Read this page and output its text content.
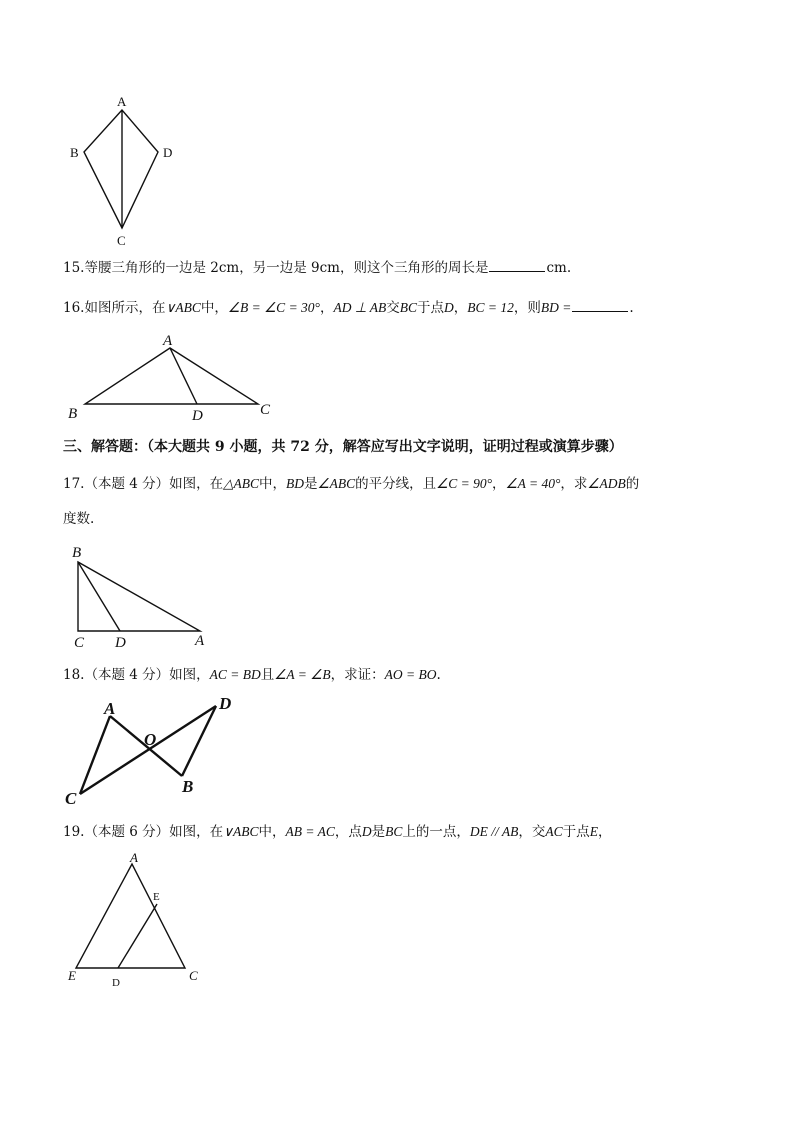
A
B	D
C
15.等腰三角形的一边是 2cm，另一边是 9cm，则这个三角形的周长是	cm.
16.如图所示，在∨ABC中，∠B = ∠C = 30°，AD ⊥ AB交BC于点D，BC = 12，则BD =	.
A
B	D	C
三、解答题：（本大题共 9 小题，共 72 分，解答应写出文字说明，证明过程或演算步骤）
17.（本题 4 分）如图，在△ABC中，BD是∠ABC的平分线，且∠C = 90°，∠A = 40°，求∠ADB的
度数.
B
C D	A
18.（本题 4 分）如图，AC = BD且∠A = ∠B，求证：AO = BO.
A
O
D
C
B
19.（本题 6 分）如图，在∨ABC中，AB = AC，点D是BC上的一点，DE // AB，交AC于点E，
A
E
E	D	C
